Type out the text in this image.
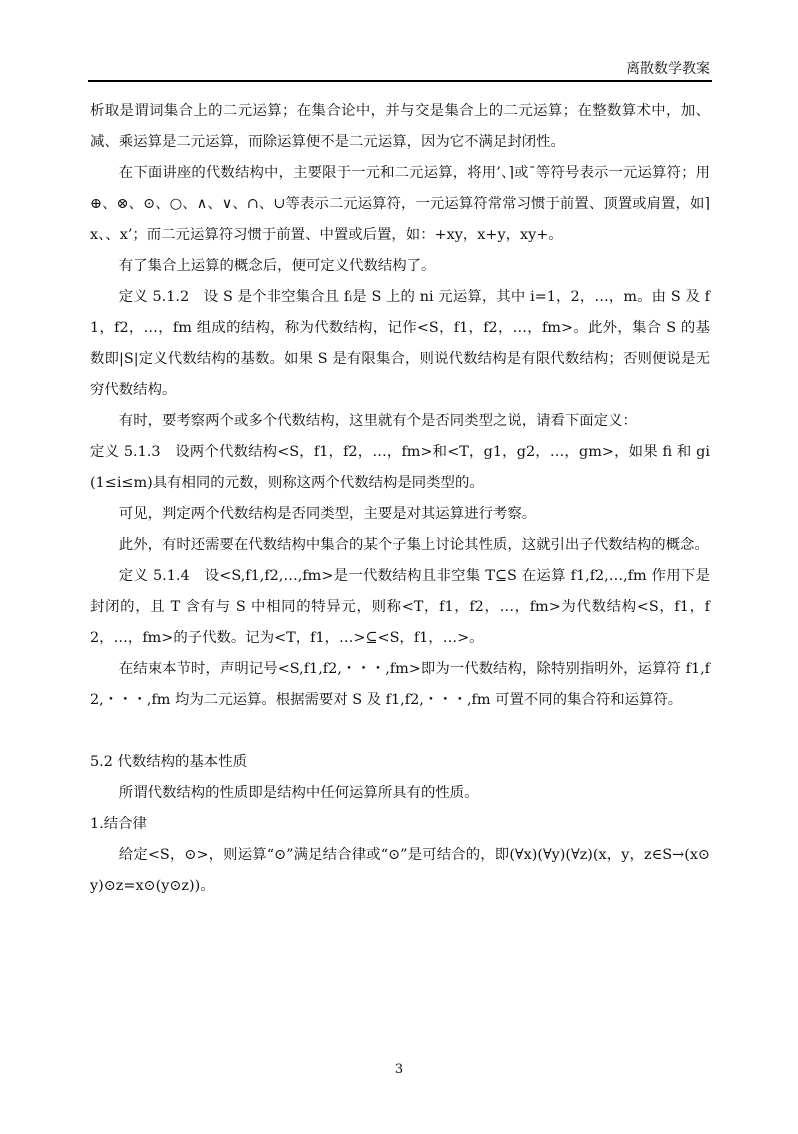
离散数学教案

析取是谓词集合上的二元运算；在集合论中，并与交是集合上的二元运算；在整数算术中，加、减、乘运算是二元运算，而除运算便不是二元运算，因为它不满足封闭性。

在下面讲座的代数结构中，主要限于一元和二元运算，将用’、⌉或¯等符号表示一元运算符；用⊕、⊗、⊙、○、∧、∨、∩、∪等表示二元运算符，一元运算符常常习惯于前置、顶置或肩置，如⌉x、、x’；而二元运算符习惯于前置、中置或后置，如：+xy，x+y，xy+。

有了集合上运算的概念后，便可定义代数结构了。

定义 5.1.2　设 S 是个非空集合且 fᵢ是 S 上的 ni 元运算，其中 i=1，2，…，m。由 S 及 f1，f2，…，fm 组成的结构，称为代数结构，记作<S，f1，f2，…，fm>。此外，集合 S 的基数即|S|定义代数结构的基数。如果 S 是有限集合，则说代数结构是有限代数结构；否则便说是无穷代数结构。

有时，要考察两个或多个代数结构，这里就有个是否同类型之说，请看下面定义：

定义 5.1.3　设两个代数结构<S，f1，f2，…，fm>和<T，g1，g2，…，gm>，如果 fi 和 gi(1≤i≤m)具有相同的元数，则称这两个代数结构是同类型的。

可见，判定两个代数结构是否同类型，主要是对其运算进行考察。

此外，有时还需要在代数结构中集合的某个子集上讨论其性质，这就引出子代数结构的概念。

定义 5.1.4　设<S,f1,f2,…,fm>是一代数结构且非空集 T⊆S 在运算 f1,f2,…,fm 作用下是封闭的，且 T 含有与 S 中相同的特异元，则称<T，f1，f2，…，fm>为代数结构<S，f1，f2，…，fm>的子代数。记为<T，f1，…>⊆<S，f1，…>。

在结束本节时，声明记号<S,f1,f2,・・・,fm>即为一代数结构，除特别指明外，运算符 f1,f2,・・・,fm 均为二元运算。根据需要对 S 及 f1,f2,・・・,fm 可置不同的集合符和运算符。

5.2 代数结构的基本性质

所谓代数结构的性质即是结构中任何运算所具有的性质。

1.结合律

给定<S，⊙>，则运算“⊙”满足结合律或“⊙”是可结合的，即(∀x)(∀y)(∀z)(x，y，z∈S→(x⊙y)⊙z=x⊙(y⊙z))。

3
